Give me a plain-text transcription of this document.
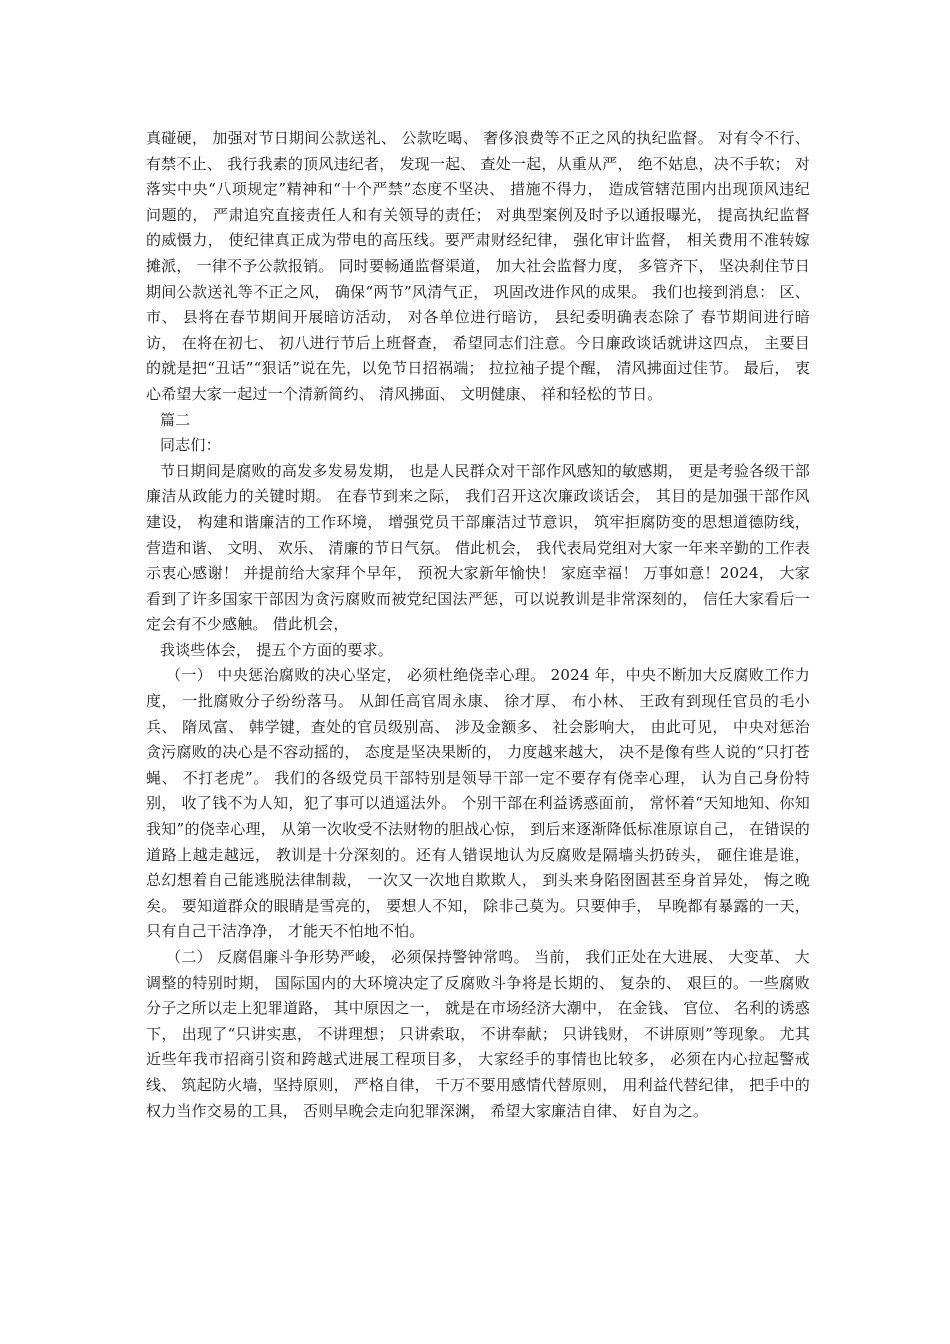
真碰硬， 加强对节日期间公款送礼、 公款吃喝、 奢侈浪费等不正之风的执纪监督。 对有令不行、 有禁不止、 我行我素的顶风违纪者， 发现一起、 查处一起，从重从严， 绝不姑息，决不手软； 对落实中央“八项规定”精神和“十个严禁”态度不坚决、 措施不得力， 造成管辖范围内出现顶风违纪问题的， 严肃追究直接责任人和有关领导的责任； 对典型案例及时予以通报曝光， 提高执纪监督的威慑力， 使纪律真正成为带电的高压线。要严肃财经纪律， 强化审计监督， 相关费用不准转嫁摊派， 一律不予公款报销。 同时要畅通监督渠道， 加大社会监督力度， 多管齐下， 坚决刹住节日 期间公款送礼等不正之风， 确保“两节”风清气正， 巩固改进作风的成果。 我们也接到消息： 区、 市、 县将在春节期间开展暗访活动， 对各单位进行暗访， 县纪委明确表态除了 春节期间进行暗访， 在将在初七、 初八进行节后上班督查， 希望同志们注意。今日廉政谈话就讲这四点， 主要目 的就是把“丑话”“狠话”说在先，以免节日招祸端； 拉拉袖子提个醒， 清风拂面过佳节。 最后， 衷心希望大家一起过一个清新简约、 清风拂面、 文明健康、 祥和轻松的节日。

篇二

同志们：

节日期间是腐败的高发多发易发期， 也是人民群众对干部作风感知的敏感期， 更是考验各级干部廉洁从政能力的关键时期。 在春节到来之际， 我们召开这次廉政谈话会， 其目的是加强干部作风建设， 构建和谐廉洁的工作环境， 增强党员干部廉洁过节意识， 筑牢拒腐防变的思想道德防线， 营造和谐、 文明、 欢乐、 清廉的节日气氛。 借此机会， 我代表局党组对大家一年来辛勤的工作表示衷心感谢！ 并提前给大家拜个早年， 预祝大家新年愉快！ 家庭幸福！ 万事如意！2024， 大家看到了许多国家干部因为贪污腐败而被党纪国法严惩，可以说教训是非常深刻的， 信任大家看后一定会有不少感触。 借此机会，

我谈些体会， 提五个方面的要求。

（一） 中央惩治腐败的决心坚定， 必须杜绝侥幸心理。 2024 年，中央不断加大反腐败工作力度， 一批腐败分子纷纷落马。 从卸任高官周永康、 徐才厚、 布小林、 王政有到现任官员的毛小兵、 隋凤富、 韩学键，查处的官员级别高、 涉及金额多、 社会影响大， 由此可见， 中央对惩治贪污腐败的决心是不容动摇的， 态度是坚决果断的， 力度越来越大， 决不是像有些人说的“只打苍蝇、 不打老虎”。 我们的各级党员干部特别是领导干部一定不要存有侥幸心理， 认为自己身份特别， 收了钱不为人知，犯了事可以逍遥法外。 个别干部在利益诱惑面前， 常怀着“天知地知、你知我知”的侥幸心理， 从第一次收受不法财物的胆战心惊， 到后来逐渐降低标准原谅自己， 在错误的道路上越走越远， 教训是十分深刻的。还有人错误地认为反腐败是隔墙头扔砖头， 砸住谁是谁， 总幻想着自己能逃脱法律制裁， 一次又一次地自欺欺人， 到头来身陷囹圄甚至身首异处， 悔之晚矣。 要知道群众的眼睛是雪亮的， 要想人不知， 除非己莫为。只要伸手， 早晚都有暴露的一天， 只有自己干洁净净， 才能天不怕地不怕。

（二） 反腐倡廉斗争形势严峻， 必须保持警钟常鸣。 当前， 我们正处在大进展、 大变革、 大调整的特别时期， 国际国内的大环境决定了反腐败斗争将是长期的、 复杂的、 艰巨的。一些腐败分子之所以走上犯罪道路， 其中原因之一， 就是在市场经济大潮中， 在金钱、 官位、 名利的诱惑下， 出现了“只讲实惠， 不讲理想； 只讲索取， 不讲奉献； 只讲钱财， 不讲原则”等现象。 尤其近些年我市招商引资和跨越式进展工程项目多， 大家经手的事情也比较多， 必须在内心拉起警戒线、 筑起防火墙，坚持原则， 严格自律， 千万不要用感情代替原则， 用利益代替纪律， 把手中的权力当作交易的工具， 否则早晚会走向犯罪深渊， 希望大家廉洁自律、 好自为之。
